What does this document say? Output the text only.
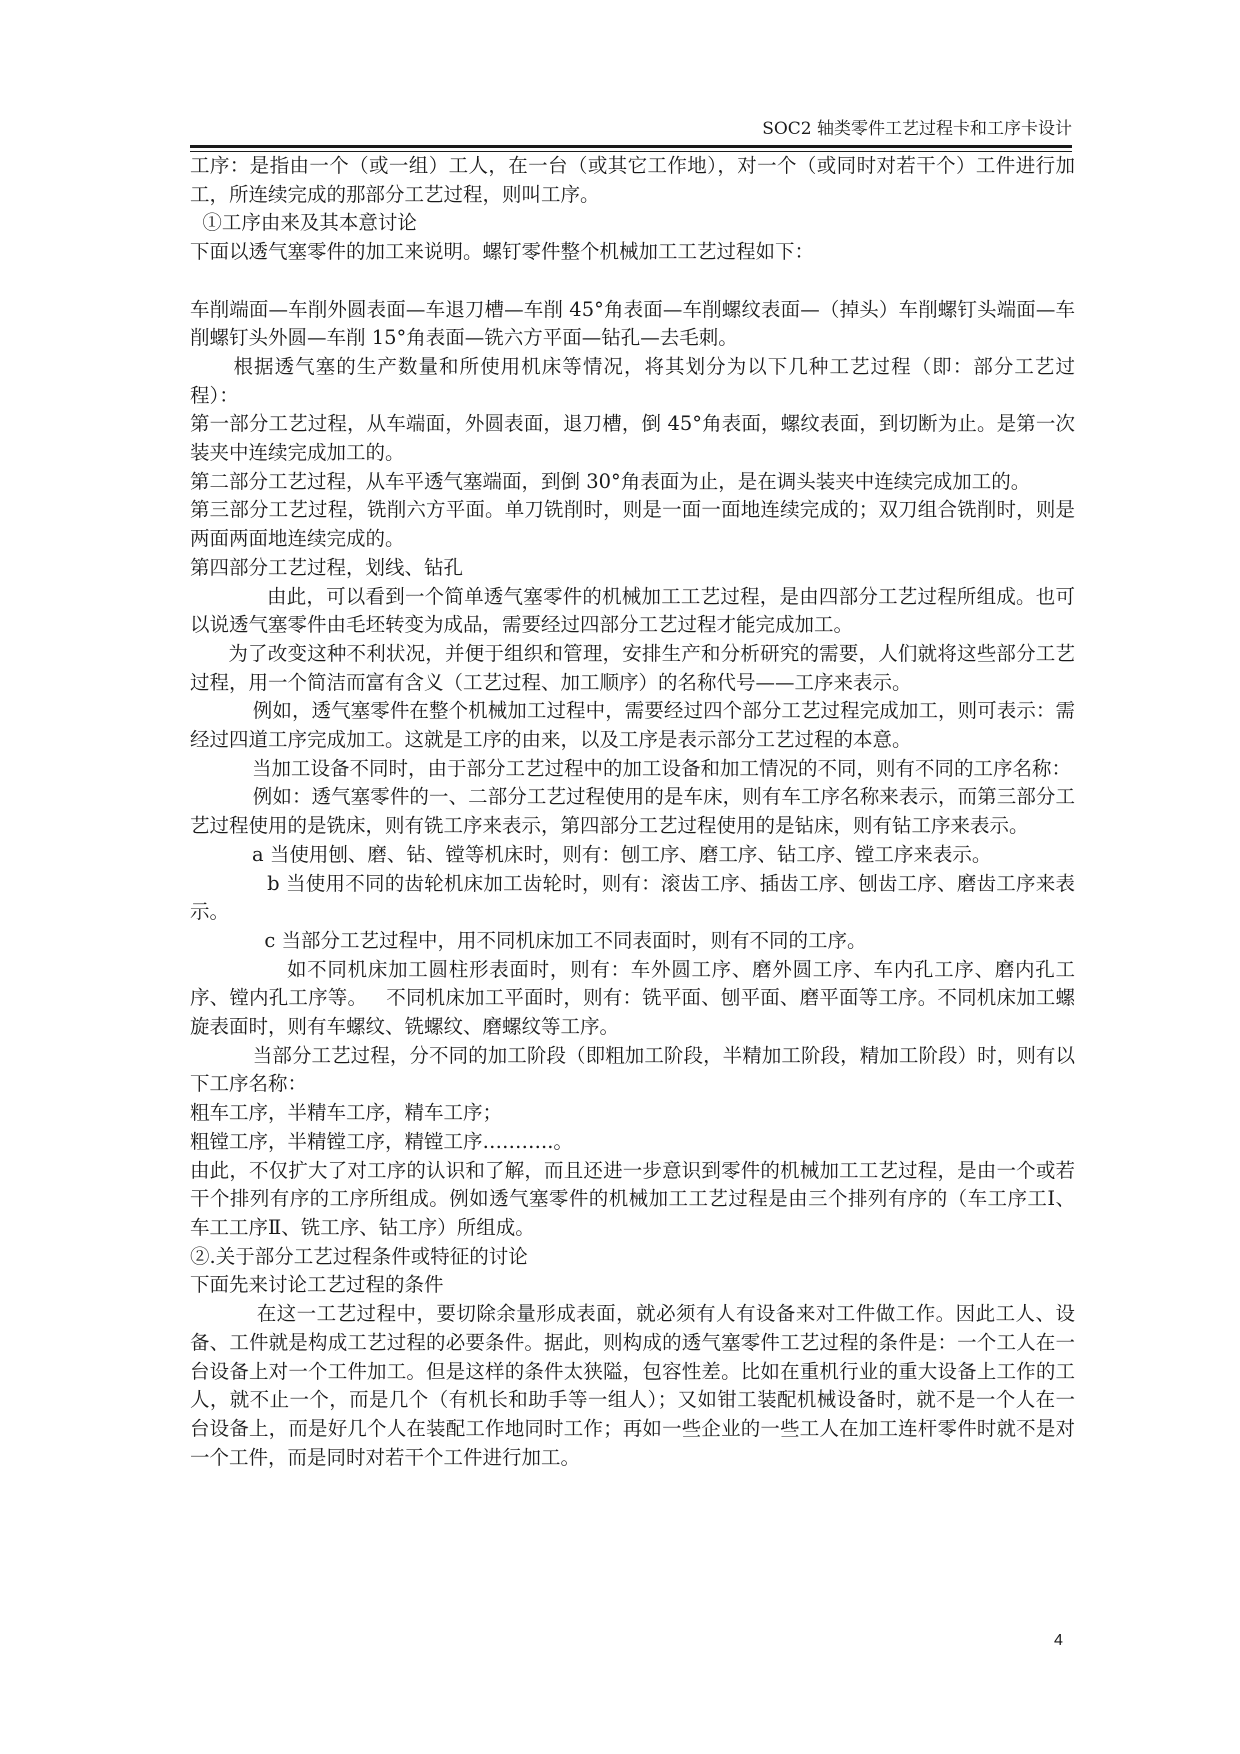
SOC2 轴类零件工艺过程卡和工序卡设计

工序：是指由一个（或一组）工人，在一台（或其它工作地），对一个（或同时对若干个）工件进行加工，所连续完成的那部分工艺过程，则叫工序。

①工序由来及其本意讨论

下面以透气塞零件的加工来说明。螺钉零件整个机械加工工艺过程如下：

车削端面—车削外圆表面—车退刀槽—车削 45°角表面—车削螺纹表面—（掉头）车削螺钉头端面—车削螺钉头外圆—车削 15°角表面—铣六方平面—钻孔—去毛刺。

根据透气塞的生产数量和所使用机床等情况，将其划分为以下几种工艺过程（即：部分工艺过程）：

第一部分工艺过程，从车端面，外圆表面，退刀槽，倒 45°角表面，螺纹表面，到切断为止。是第一次装夹中连续完成加工的。

第二部分工艺过程，从车平透气塞端面，到倒 30°角表面为止，是在调头装夹中连续完成加工的。

第三部分工艺过程，铣削六方平面。单刀铣削时，则是一面一面地连续完成的；双刀组合铣削时，则是两面两面地连续完成的。

第四部分工艺过程，划线、钻孔

由此，可以看到一个简单透气塞零件的机械加工工艺过程，是由四部分工艺过程所组成。也可以说透气塞零件由毛坯转变为成品，需要经过四部分工艺过程才能完成加工。

为了改变这种不利状况，并便于组织和管理，安排生产和分析研究的需要，人们就将这些部分工艺过程，用一个简洁而富有含义（工艺过程、加工顺序）的名称代号——工序来表示。

例如，透气塞零件在整个机械加工过程中，需要经过四个部分工艺过程完成加工，则可表示：需经过四道工序完成加工。这就是工序的由来，以及工序是表示部分工艺过程的本意。

当加工设备不同时，由于部分工艺过程中的加工设备和加工情况的不同，则有不同的工序名称：

例如：透气塞零件的一、二部分工艺过程使用的是车床，则有车工序名称来表示，而第三部分工艺过程使用的是铣床，则有铣工序来表示，第四部分工艺过程使用的是钻床，则有钻工序来表示。

a 当使用刨、磨、钻、镗等机床时，则有：刨工序、磨工序、钻工序、镗工序来表示。

b 当使用不同的齿轮机床加工齿轮时，则有：滚齿工序、插齿工序、刨齿工序、磨齿工序来表示。

c 当部分工艺过程中，用不同机床加工不同表面时，则有不同的工序。

如不同机床加工圆柱形表面时，则有：车外圆工序、磨外圆工序、车内孔工序、磨内孔工序、镗内孔工序等。   不同机床加工平面时，则有：铣平面、刨平面、磨平面等工序。不同机床加工螺旋表面时，则有车螺纹、铣螺纹、磨螺纹等工序。

当部分工艺过程，分不同的加工阶段（即粗加工阶段，半精加工阶段，精加工阶段）时，则有以下工序名称：

粗车工序，半精车工序，精车工序；

粗镗工序，半精镗工序，精镗工序………..。

由此，不仅扩大了对工序的认识和了解，而且还进一步意识到零件的机械加工工艺过程，是由一个或若干个排列有序的工序所组成。例如透气塞零件的机械加工工艺过程是由三个排列有序的（车工序工Ⅰ、车工工序Ⅱ、铣工序、钻工序）所组成。

②.关于部分工艺过程条件或特征的讨论

下面先来讨论工艺过程的条件

在这一工艺过程中，要切除余量形成表面，就必须有人有设备来对工件做工作。因此工人、设备、工件就是构成工艺过程的必要条件。据此，则构成的透气塞零件工艺过程的条件是：一个工人在一台设备上对一个工件加工。但是这样的条件太狭隘，包容性差。比如在重机行业的重大设备上工作的工人，就不止一个，而是几个（有机长和助手等一组人）；又如钳工装配机械设备时，就不是一个人在一台设备上，而是好几个人在装配工作地同时工作；再如一些企业的一些工人在加工连杆零件时就不是对一个工件，而是同时对若干个工件进行加工。

4
